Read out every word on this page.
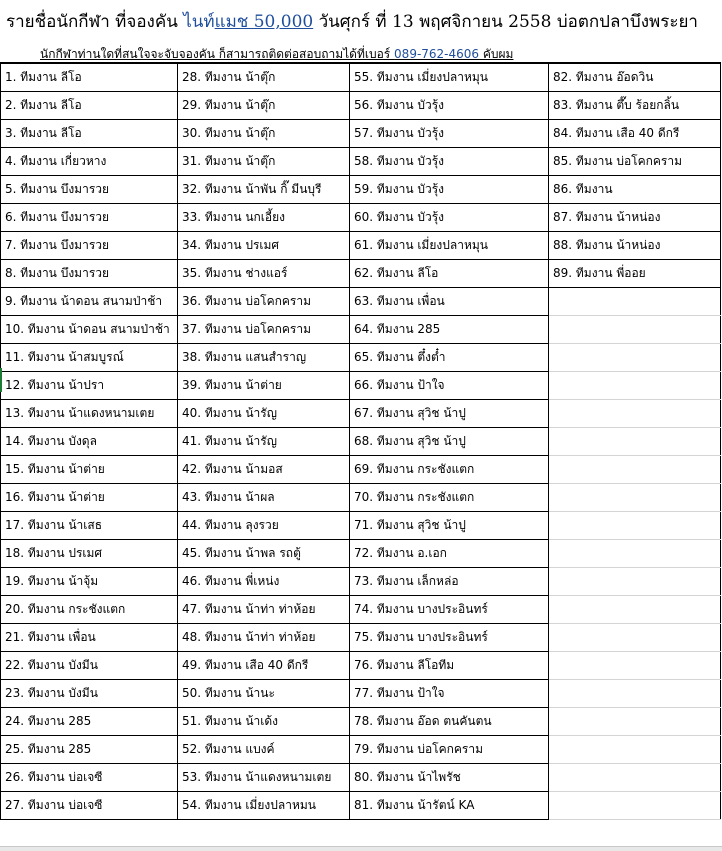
รายชื่อนักกีฬา ที่จองคัน ไนท์แมช 50,000 วันศุกร์ ที่ 13 พฤศจิกายน 2558 บ่อตกปลาบึงพระยา
นักกีฬาท่านใดที่สนใจจะจับจองคัน ก็สามารถติดต่อสอบถามได้ที่เบอร์ 089-762-4606 คับผม
1. ทีมงาน ลีโอ	28. ทีมงาน น้าตุ๊ก	55. ทีมงาน เมี่ยงปลาหมุน	82. ทีมงาน อ๊อดวิน
2. ทีมงาน ลีโอ	29. ทีมงาน น้าตุ๊ก	56. ทีมงาน บัวรุ้ง	83. ทีมงาน ตึ๊บ ร้อยกลิ้น
3. ทีมงาน ลีโอ	30. ทีมงาน น้าตุ๊ก	57. ทีมงาน บัวรุ้ง	84. ทีมงาน เสือ 40 ดีกรี
4. ทีมงาน เกี่ยวหาง	31. ทีมงาน น้าตุ๊ก	58. ทีมงาน บัวรุ้ง	85. ทีมงาน บ่อโคกคราม
5. ทีมงาน บึงมารวย	32. ทีมงาน น้าพัน กิ๊ มีนบุรี	59. ทีมงาน บัวรุ้ง	86. ทีมงาน
6. ทีมงาน บึงมารวย	33. ทีมงาน นกเอี้ยง	60. ทีมงาน บัวรุ้ง	87. ทีมงาน น้าหน่อง
7. ทีมงาน บึงมารวย	34. ทีมงาน ปรเมศ	61. ทีมงาน เมี่ยงปลาหมุน	88. ทีมงาน น้าหน่อง
8. ทีมงาน บึงมารวย	35. ทีมงาน ช่างแอร์	62. ทีมงาน ลีโอ	89. ทีมงาน พี่ออย
9. ทีมงาน น้าดอน สนามป่าช้า	36. ทีมงาน บ่อโคกคราม	63. ทีมงาน เพื่อน	
10. ทีมงาน น้าดอน สนามป่าช้า	37. ทีมงาน บ่อโคกคราม	64. ทีมงาน 285	
11. ทีมงาน น้าสมบูรณ์	38. ทีมงาน แสนสำราญ	65. ทีมงาน ตึ๋งต๋ำ	
12. ทีมงาน น้าปรา	39. ทีมงาน น้าต่าย	66. ทีมงาน ป้าใจ	
13. ทีมงาน น้าแดงหนามเตย	40. ทีมงาน น้ารัญ	67. ทีมงาน สุวิช น้าปู	
14. ทีมงาน บังดุล	41. ทีมงาน น้ารัญ	68. ทีมงาน สุวิช น้าปู	
15. ทีมงาน น้าต่าย	42. ทีมงาน น้ามอส	69. ทีมงาน กระชังแตก	
16. ทีมงาน น้าต่าย	43. ทีมงาน น้าผล	70. ทีมงาน กระชังแตก	
17. ทีมงาน น้าเสธ	44. ทีมงาน ลุงรวย	71. ทีมงาน สุวิช น้าปู	
18. ทีมงาน ปรเมศ	45. ทีมงาน น้าพล รถตู้	72. ทีมงาน อ.เอก	
19. ทีมงาน น้าจุ้ม	46. ทีมงาน พี่เหน่ง	73. ทีมงาน เล็กหล่อ	
20. ทีมงาน กระชังแตก	47. ทีมงาน น้าท่า ท่าห้อย	74. ทีมงาน บางประอินทร์	
21. ทีมงาน เพื่อน	48. ทีมงาน น้าท่า ท่าห้อย	75. ทีมงาน บางประอินทร์	
22. ทีมงาน บังมีน	49. ทีมงาน เสือ 40 ดีกรี	76. ทีมงาน ลีโอทีม	
23. ทีมงาน บังมีน	50. ทีมงาน น้านะ	77. ทีมงาน ป้าใจ	
24. ทีมงาน 285	51. ทีมงาน น้าเด้ง	78. ทีมงาน อ๊อด ตนคันตน	
25. ทีมงาน 285	52. ทีมงาน แบงค์	79. ทีมงาน บ่อโคกคราม	
26. ทีมงาน บ่อเจซี	53. ทีมงาน น้าแดงหนามเตย	80. ทีมงาน น้าไพรัช	
27. ทีมงาน บ่อเจซี	54. ทีมงาน เมี่ยงปลาหมน	81. ทีมงาน น้ารัตน์ KA	
